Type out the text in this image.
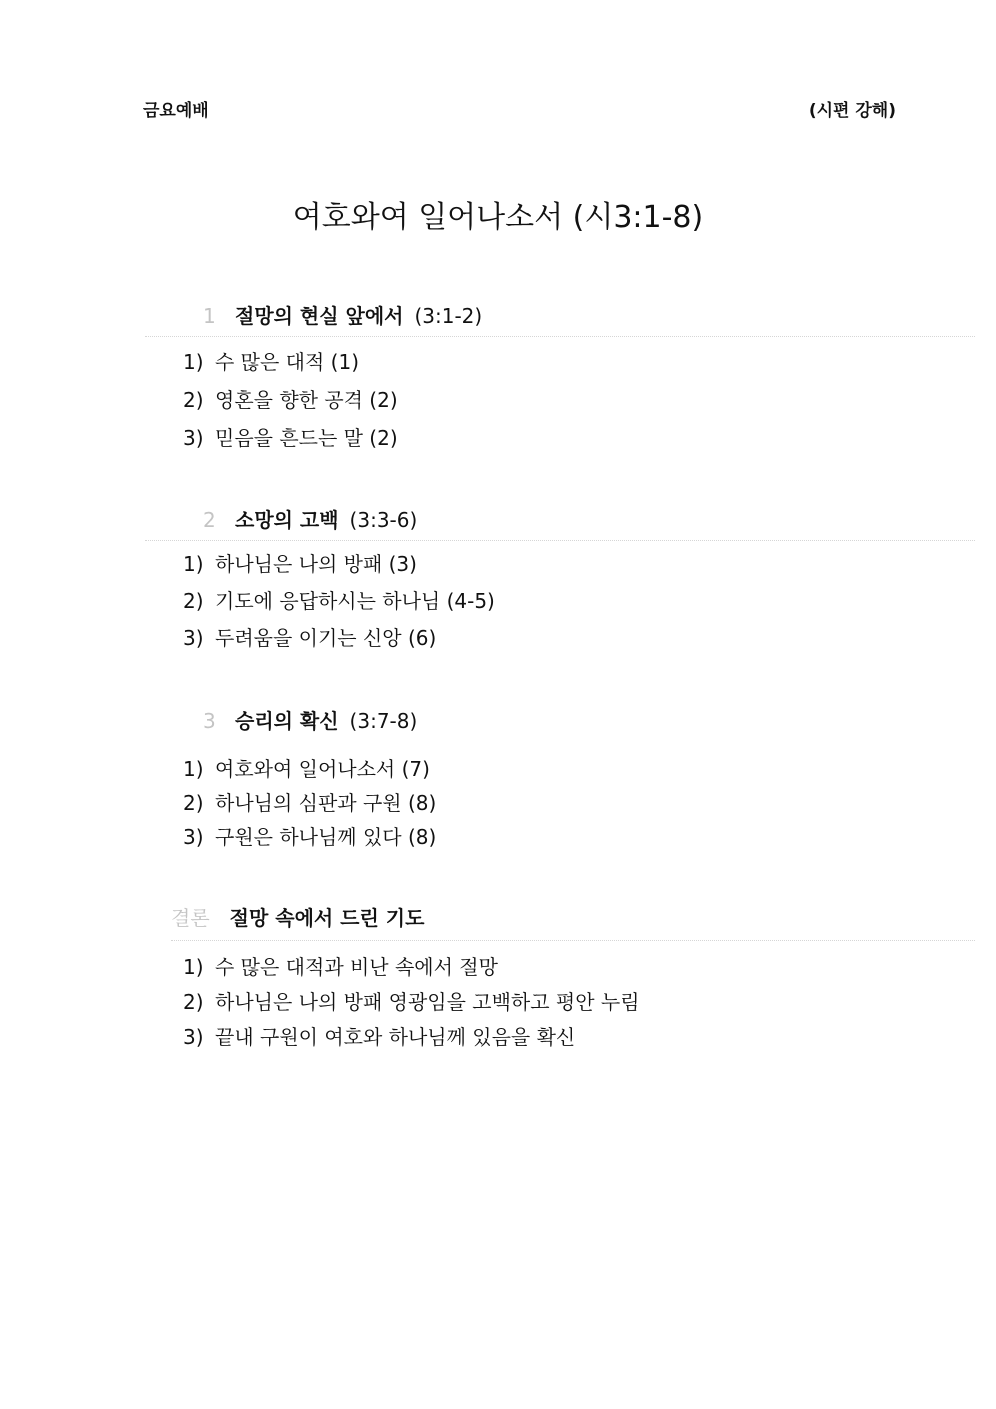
금요예배	(시편 강해)
여호와여 일어나소서 (시3:1-8)
1 절망의 현실 앞에서 (3:1-2)
1) 수 많은 대적 (1)
2) 영혼을 향한 공격 (2)
3) 믿음을 흔드는 말 (2)
2 소망의 고백 (3:3-6)
1) 하나님은 나의 방패 (3)
2) 기도에 응답하시는 하나님 (4-5)
3) 두려움을 이기는 신앙 (6)
3 승리의 확신 (3:7-8)
1) 여호와여 일어나소서 (7)
2) 하나님의 심판과 구원 (8)
3) 구원은 하나님께 있다 (8)
결론 절망 속에서 드린 기도
1) 수 많은 대적과 비난 속에서 절망
2) 하나님은 나의 방패 영광임을 고백하고 평안 누림
3) 끝내 구원이 여호와 하나님께 있음을 확신
